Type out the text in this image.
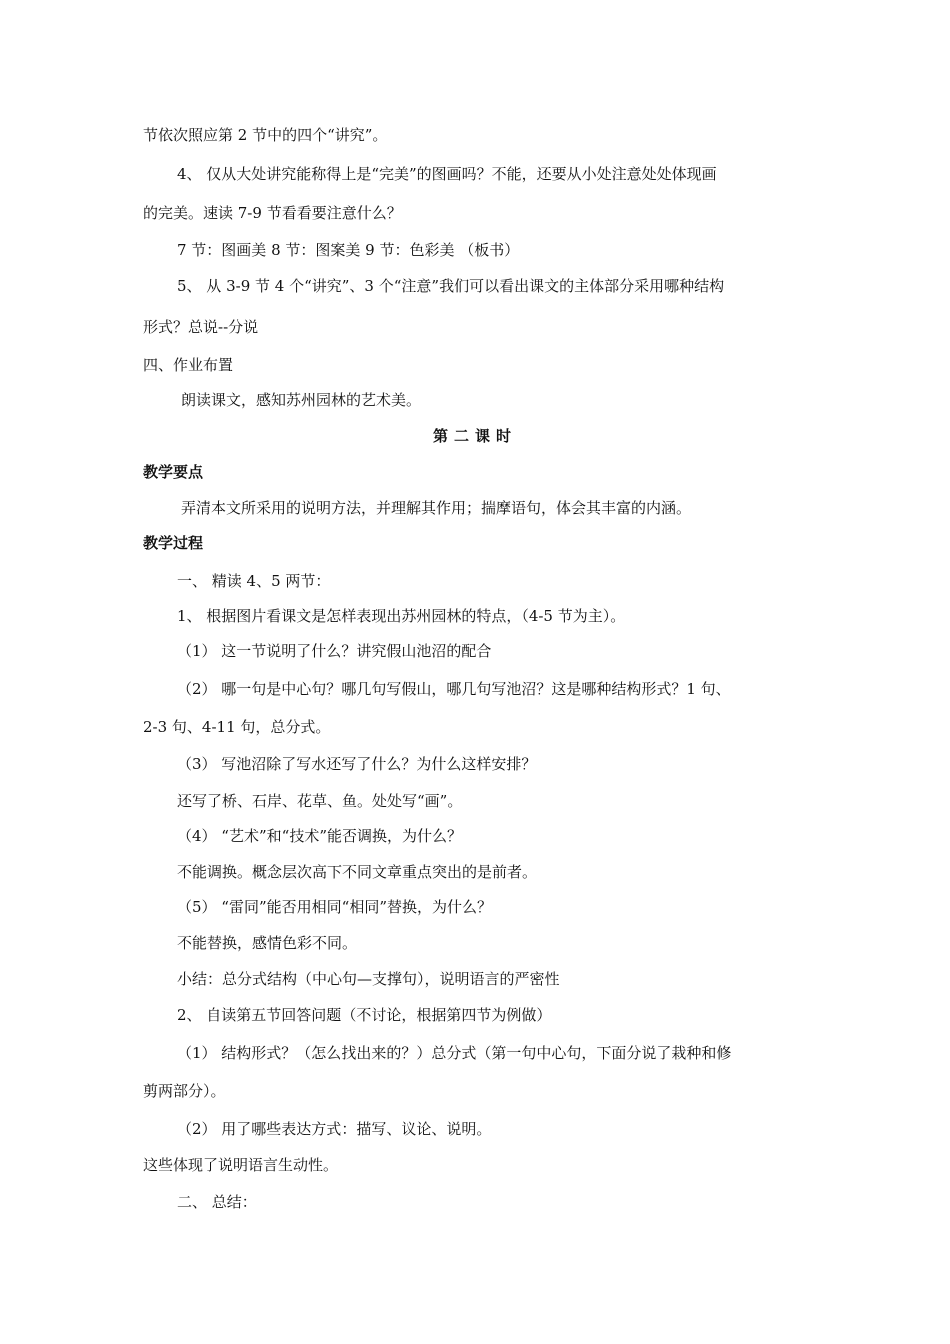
节依次照应第 2 节中的四个“讲究”。
4、 仅从大处讲究能称得上是“完美”的图画吗？不能，还要从小处注意处处体现画
的完美。速读 7-9 节看看要注意什么？
7 节：图画美 8 节：图案美 9 节：色彩美 （板书）
5、 从 3-9 节 4 个“讲究”、3 个“注意”我们可以看出课文的主体部分采用哪种结构
形式？总说--分说
四、作业布置
朗读课文，感知苏州园林的艺术美。
第二课时
教学要点
弄清本文所采用的说明方法，并理解其作用；揣摩语句，体会其丰富的内涵。
教学过程
一、 精读 4、5 两节：
1、 根据图片看课文是怎样表现出苏州园林的特点，（4-5 节为主）。
（1） 这一节说明了什么？讲究假山池沼的配合
（2） 哪一句是中心句？哪几句写假山，哪几句写池沼？这是哪种结构形式？1 句、
2-3 句、4-11 句，总分式。
（3） 写池沼除了写水还写了什么？为什么这样安排？
还写了桥、石岸、花草、鱼。处处写“画”。
（4） “艺术”和“技术”能否调换，为什么？
不能调换。概念层次高下不同文章重点突出的是前者。
（5） “雷同”能否用相同“相同”替换，为什么？
不能替换，感情色彩不同。
小结：总分式结构（中心句—支撑句），说明语言的严密性
2、 自读第五节回答问题（不讨论，根据第四节为例做）
（1） 结构形式？（怎么找出来的？）总分式（第一句中心句，下面分说了栽种和修
剪两部分）。
（2） 用了哪些表达方式：描写、议论、说明。
这些体现了说明语言生动性。
二、 总结：
